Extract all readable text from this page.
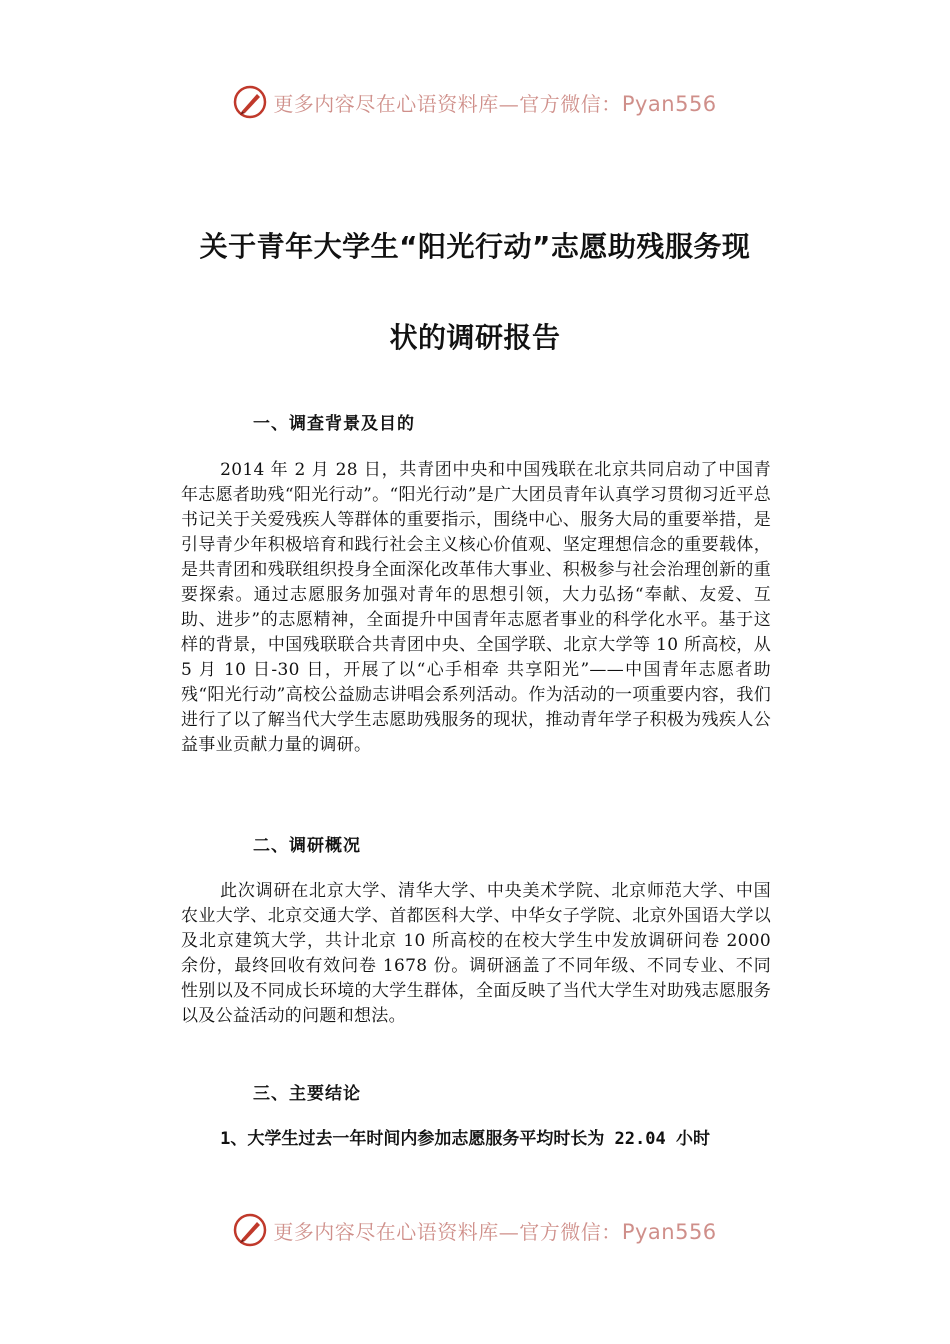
更多内容尽在心语资料库—官方微信：Pyan556
关于青年大学生“阳光行动”志愿助残服务现
状的调研报告
一、调查背景及目的
2014 年 2 月 28 日，共青团中央和中国残联在北京共同启动了中国青年志愿者助残“阳光行动”。“阳光行动”是广大团员青年认真学习贯彻习近平总书记关于关爱残疾人等群体的重要指示，围绕中心、服务大局的重要举措，是引导青少年积极培育和践行社会主义核心价值观、坚定理想信念的重要载体，是共青团和残联组织投身全面深化改革伟大事业、积极参与社会治理创新的重要探索。通过志愿服务加强对青年的思想引领，大力弘扬“奉献、友爱、互助、进步”的志愿精神，全面提升中国青年志愿者事业的科学化水平。基于这样的背景，中国残联联合共青团中央、全国学联、北京大学等 10 所高校，从 5 月 10 日-30 日，开展了以“心手相牵 共享阳光”——中国青年志愿者助残“阳光行动”高校公益励志讲唱会系列活动。作为活动的一项重要内容，我们进行了以了解当代大学生志愿助残服务的现状，推动青年学子积极为残疾人公益事业贡献力量的调研。
二、调研概况
此次调研在北京大学、清华大学、中央美术学院、北京师范大学、中国农业大学、北京交通大学、首都医科大学、中华女子学院、北京外国语大学以及北京建筑大学，共计北京 10 所高校的在校大学生中发放调研问卷 2000 余份，最终回收有效问卷 1678 份。调研涵盖了不同年级、不同专业、不同性别以及不同成长环境的大学生群体，全面反映了当代大学生对助残志愿服务以及公益活动的问题和想法。
三、主要结论
1、大学生过去一年时间内参加志愿服务平均时长为 22.04 小时
更多内容尽在心语资料库—官方微信：Pyan556
